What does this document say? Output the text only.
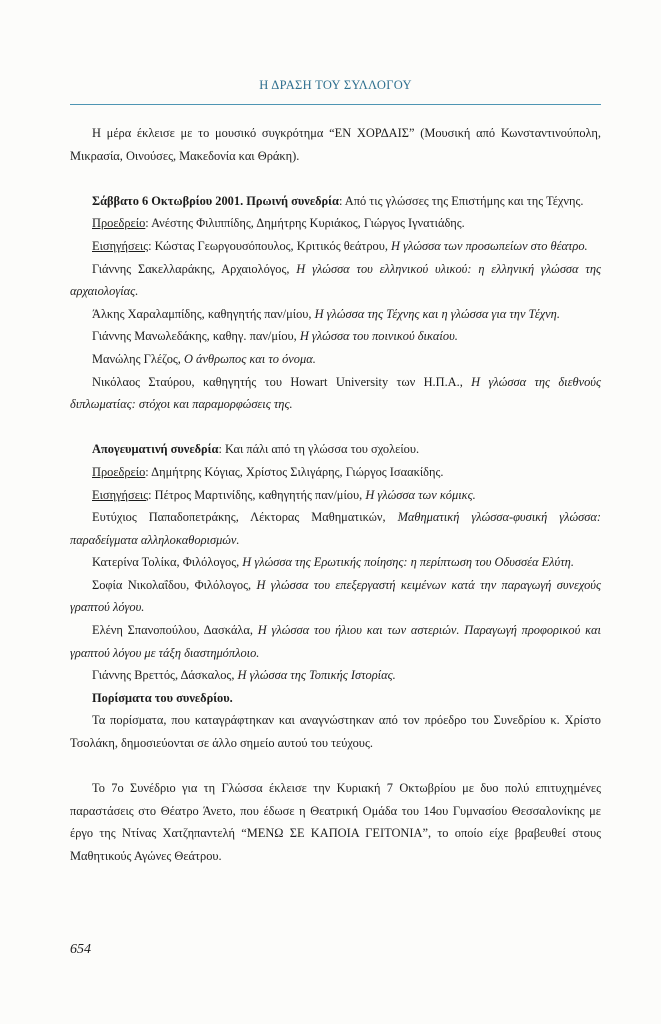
Η ΔΡΑΣΗ ΤΟΥ ΣΥΛΛΟΓΟΥ

Η μέρα έκλεισε με το μουσικό συγκρότημα “ΕΝ ΧΟΡΔΑΙΣ” (Μουσική από Κωνσταντινούπολη, Μικρασία, Οινούσες, Μακεδονία και Θράκη).

Σάββατο 6 Οκτωβρίου 2001. Πρωινή συνεδρία: Από τις γλώσσες της Επιστήμης και της Τέχνης.

Προεδρείο: Ανέστης Φιλιππίδης, Δημήτρης Κυριάκος, Γιώργος Ιγνατιάδης.

Εισηγήσεις: Κώστας Γεωργουσόπουλος, Κριτικός θεάτρου, Η γλώσσα των προσωπείων στο θέατρο.

Γιάννης Σακελλαράκης, Αρχαιολόγος, Η γλώσσα του ελληνικού υλικού: η ελληνική γλώσσα της αρχαιολογίας.

Άλκης Χαραλαμπίδης, καθηγητής παν/μίου, Η γλώσσα της Τέχνης και η γλώσσα για την Τέχνη.

Γιάννης Μανωλεδάκης, καθηγ. παν/μίου, Η γλώσσα του ποινικού δικαίου.

Μανώλης Γλέζος, Ο άνθρωπος και το όνομα.

Νικόλαος Σταύρου, καθηγητής του Howart University των Η.Π.Α., Η γλώσσα της διεθνούς διπλωματίας: στόχοι και παραμορφώσεις της.

Απογευματινή συνεδρία: Και πάλι από τη γλώσσα του σχολείου.

Προεδρείο: Δημήτρης Κόγιας, Χρίστος Σιλιγάρης, Γιώργος Ισαακίδης.

Εισηγήσεις: Πέτρος Μαρτινίδης, καθηγητής παν/μίου, Η γλώσσα των κόμικς.

Ευτύχιος Παπαδοπετράκης, Λέκτορας Μαθηματικών, Μαθηματική γλώσσα-φυσική γλώσσα: παραδείγματα αλληλοκαθορισμών.

Κατερίνα Τολίκα, Φιλόλογος, Η γλώσσα της Ερωτικής ποίησης: η περίπτωση του Οδυσσέα Ελύτη.

Σοφία Νικολαΐδου, Φιλόλογος, Η γλώσσα του επεξεργαστή κειμένων κατά την παραγωγή συνεχούς γραπτού λόγου.

Ελένη Σπανοπούλου, Δασκάλα, Η γλώσσα του ήλιου και των αστεριών. Παραγωγή προφορικού και γραπτού λόγου με τάξη διαστημόπλοιο.

Γιάννης Βρεττός, Δάσκαλος, Η γλώσσα της Τοπικής Ιστορίας.

Πορίσματα του συνεδρίου.

Τα πορίσματα, που καταγράφτηκαν και αναγνώστηκαν από τον πρόεδρο του Συνεδρίου κ. Χρίστο Τσολάκη, δημοσιεύονται σε άλλο σημείο αυτού του τεύχους.

Το 7ο Συνέδριο για τη Γλώσσα έκλεισε την Κυριακή 7 Οκτωβρίου με δυο πολύ επιτυχημένες παραστάσεις στο Θέατρο Άνετο, που έδωσε η Θεατρική Ομάδα του 14ου Γυμνασίου Θεσσαλονίκης με έργο της Ντίνας Χατζηπαντελή “ΜΕΝΩ ΣΕ ΚΑΠΟΙΑ ΓΕΙΤΟΝΙΑ”, το οποίο είχε βραβευθεί στους Μαθητικούς Αγώνες Θεάτρου.

654
